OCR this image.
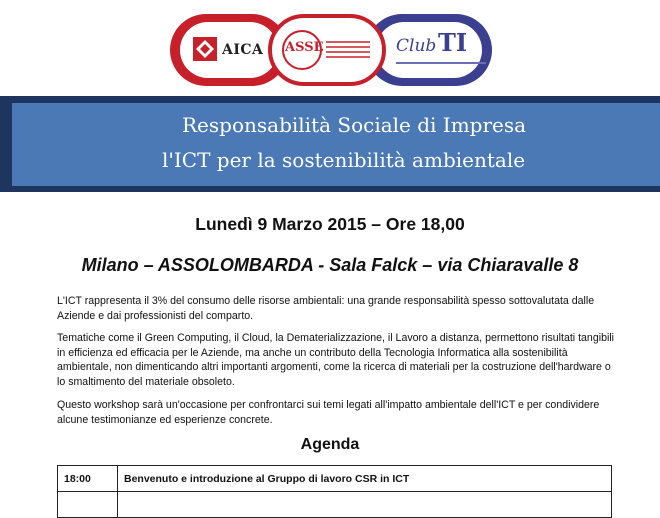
AICA ASSE	Club TI
Responsabilità Sociale di Impresa
l'ICT per la sostenibilità ambientale
Lunedì 9 Marzo 2015 – Ore 18,00
Milano – ASSOLOMBARDA - Sala Falck – via Chiaravalle 8
L'ICT rappresenta il 3% del consumo delle risorse ambientali: una grande responsabilità spesso sottovalutata dalle Aziende e dai professionisti del comparto.
Tematiche come il Green Computing, il Cloud, la Dematerializzazione, il Lavoro a distanza, permettono risultati tangibili in efficienza ed efficacia per le Aziende, ma anche un contributo della Tecnologia Informatica alla sostenibilità ambientale, non dimenticando altri importanti argomenti, come la ricerca di materiali per la costruzione dell'hardware o lo smaltimento del materiale obsoleto.
Questo workshop sarà un'occasione per confrontarci sui temi legati all'impatto ambientale dell'ICT e per condividere alcune testimonianze ed esperienze concrete.
Agenda
18:00	Benvenuto e introduzione al Gruppo di lavoro CSR in ICT
